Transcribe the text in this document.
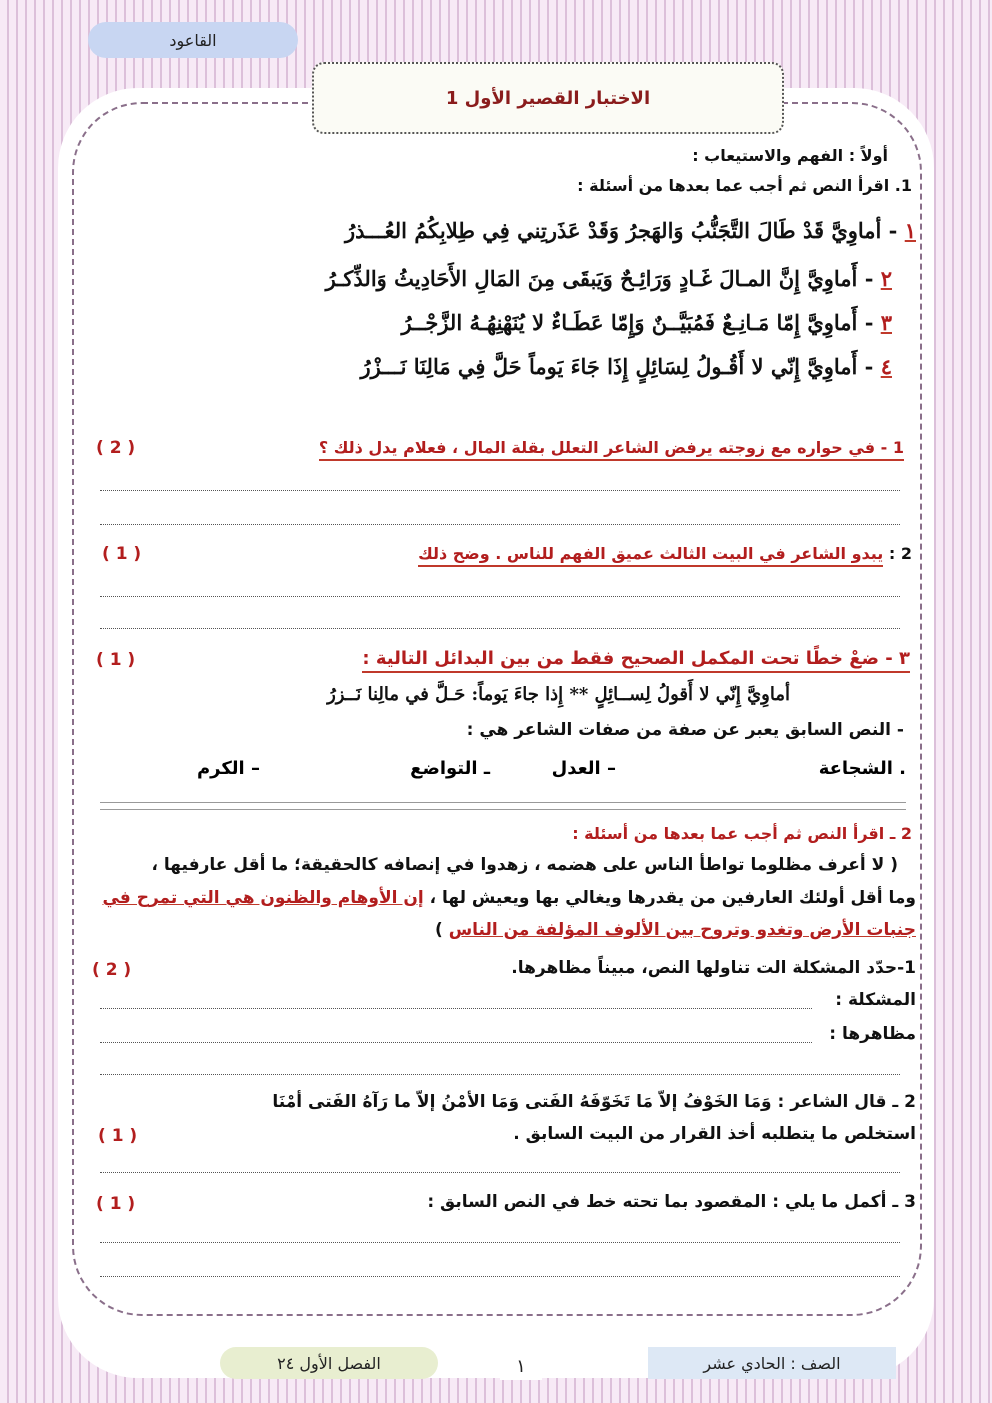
القاعود
الاختبار القصير الأول 1
أولاً : الفهم والاستيعاب :
1. اقرأ النص ثم أجب عما بعدها من أسئلة :
١ - أماوِيَّ قَدْ طَالَ التَّجَنُّبُ وَالهَجرُ وَقَدْ عَذَرتِني فِي طِلابِكُمُ العُـــذرُ
٢ - أَماوِيَّ إِنَّ المـالَ غَـادٍ وَرَائِـحٌ وَيَبقَى مِنَ المَالِ الأَحَادِيثُ وَالذِّكـرُ
٣ - أَماوِيَّ إِمّا مَـانِـعٌ فَمُبَيَّــنٌ وَإِمّا عَطَـاءٌ لا يُنَهْنِهُـهُ الزَّجْــرُ
٤ - أَماوِيَّ إِنّي لا أَقُـولُ لِسَائِلٍ إِذَا جَاءَ يَوماً حَلَّ فِي مَالِنَا نَـــزْرُ
1 - في حواره مع زوجته يرفض الشاعر التعلل بقلة المال ، فعلام يدل ذلك ؟
( 2 )
2 : يبدو الشاعر في البيت الثالث عميق الفهم للناس . وضح ذلك
( 1 )
٣ - ضعْ خطًا تحت المكمل الصحيح فقط من بين البدائل التالية :
( 1 )
أماوِيَّ إِنّي لا أَقولُ لِســائِلٍ ** إِذا جاءَ يَوماً: حَـلَّ في مالِنا نَــزرُ
- النص السابق يعبر عن صفة من صفات الشاعر هي :
. الشجاعة
– العدل
ـ التواضع
– الكرم
2 ـ اقرأ النص ثم أجب عما بعدها من أسئلة :
( لا أعرف مظلوما تواطأ الناس على هضمه ، زهدوا في إنصافه كالحقيقة؛ ما أقل عارفيها ،
وما أقل أولئك العارفين من يقدرها ويغالي بها ويعيش لها ، إن الأوهام والظنون هي التي تمرح في
جنبات الأرض وتغدو وتروح بين الألوف المؤلفة من الناس )
1-حدّد المشكلة الت تناولها النص، مبيناً مظاهرها.
( 2 )
المشكلة :
مظاهرها :
2 ـ قال الشاعر : وَمَا الخَوْفُ إلاّ مَا تَخَوّفَهُ الفَتى وَمَا الأمْنُ إلاّ ما رَآهُ الفَتى أمْنَا
استخلص ما يتطلبه أخذ القرار من البيت السابق .
( 1 )
3 ـ أكمل ما يلي : المقصود بما تحته خط في النص السابق :
( 1 )
الفصل الأول ٢٤	١	الصف : الحادي عشر
